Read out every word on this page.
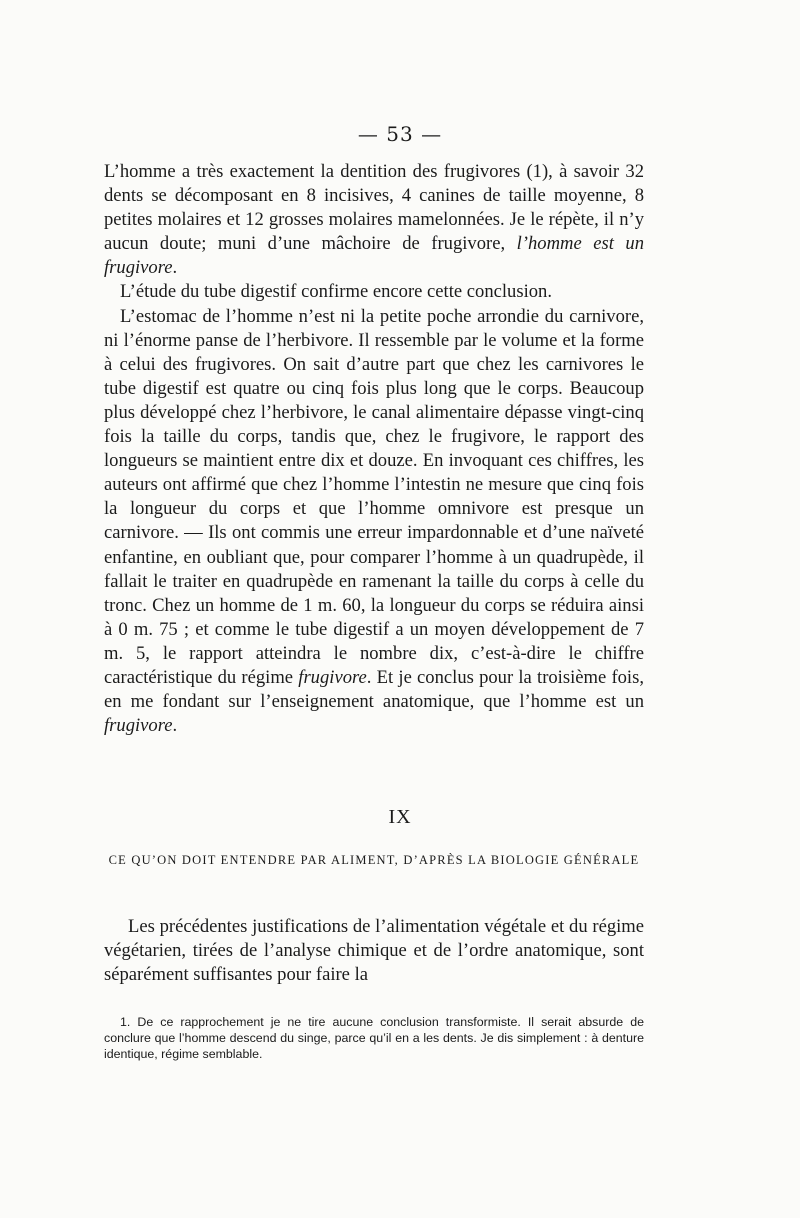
— 53 —

L’homme a très exactement la dentition des frugivores (1), à savoir 32 dents se décomposant en 8 incisives, 4 canines de taille moyenne, 8 petites molaires et 12 grosses molaires mamelonnées. Je le répète, il n’y aucun doute; muni d’une mâchoire de frugivore, l’homme est un frugivore.

L’étude du tube digestif confirme encore cette conclusion.

L’estomac de l’homme n’est ni la petite poche arrondie du carnivore, ni l’énorme panse de l’herbivore. Il ressemble par le volume et la forme à celui des frugivores. On sait d’autre part que chez les carnivores le tube digestif est quatre ou cinq fois plus long que le corps. Beaucoup plus développé chez l’herbivore, le canal alimentaire dépasse vingt-cinq fois la taille du corps, tandis que, chez le frugivore, le rapport des longueurs se maintient entre dix et douze. En invoquant ces chiffres, les auteurs ont affirmé que chez l’homme l’intestin ne mesure que cinq fois la longueur du corps et que l’homme omnivore est presque un carnivore. — Ils ont commis une erreur impardonnable et d’une naïveté enfantine, en oubliant que, pour comparer l’homme à un quadrupède, il fallait le traiter en quadrupède en ramenant la taille du corps à celle du tronc. Chez un homme de 1 m. 60, la longueur du corps se réduira ainsi à 0 m. 75 ; et comme le tube digestif a un moyen développement de 7 m. 5, le rapport atteindra le nombre dix, c’est-à-dire le chiffre caractéristique du régime frugivore. Et je conclus pour la troisième fois, en me fondant sur l’enseignement anatomique, que l’homme est un frugivore.

IX
CE QU’ON DOIT ENTENDRE PAR ALIMENT, D’APRÈS LA BIOLOGIE GÉNÉRALE

Les précédentes justifications de l’alimentation végétale et du régime végétarien, tirées de l’analyse chimique et de l’ordre anatomique, sont séparément suffisantes pour faire la

1. De ce rapprochement je ne tire aucune conclusion transformiste. Il serait absurde de conclure que l’homme descend du singe, parce qu’il en a les dents. Je dis simplement : à denture identique, régime semblable.
